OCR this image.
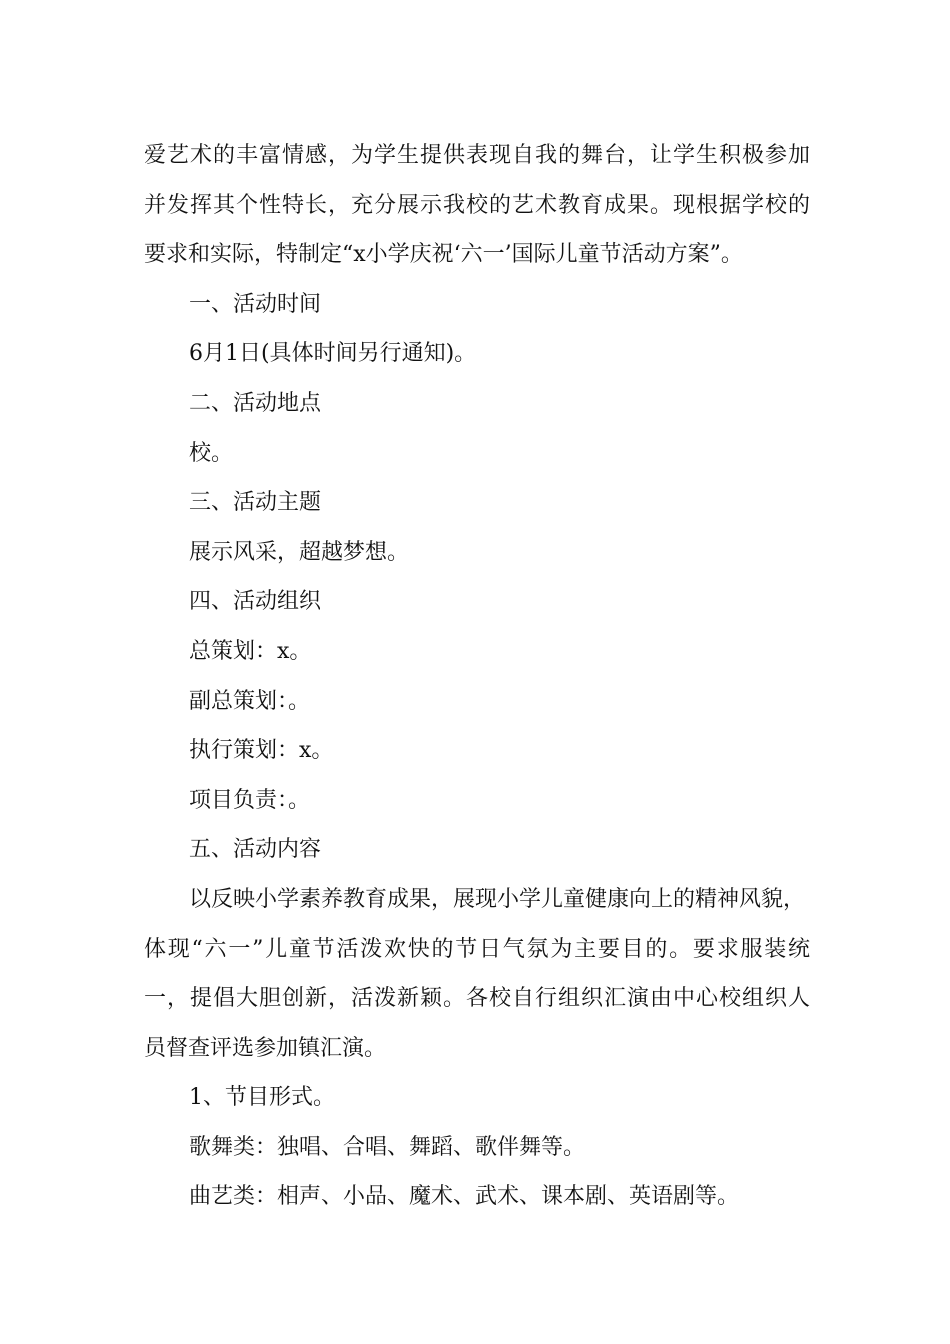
爱艺术的丰富情感，为学生提供表现自我的舞台，让学生积极参加
并发挥其个性特长，充分展示我校的艺术教育成果。现根据学校的
要求和实际，特制定“x小学庆祝‘六一’国际儿童节活动方案”。
一、活动时间
6月1日(具体时间另行通知)。
二、活动地点
校。
三、活动主题
展示风采，超越梦想。
四、活动组织
总策划：x。
副总策划：。
执行策划：x。
项目负责：。
五、活动内容
以反映小学素养教育成果，展现小学儿童健康向上的精神风貌，
体现“六一”儿童节活泼欢快的节日气氛为主要目的。要求服装统
一，提倡大胆创新，活泼新颖。各校自行组织汇演由中心校组织人
员督查评选参加镇汇演。
1、节目形式。
歌舞类：独唱、合唱、舞蹈、歌伴舞等。
曲艺类：相声、小品、魔术、武术、课本剧、英语剧等。
